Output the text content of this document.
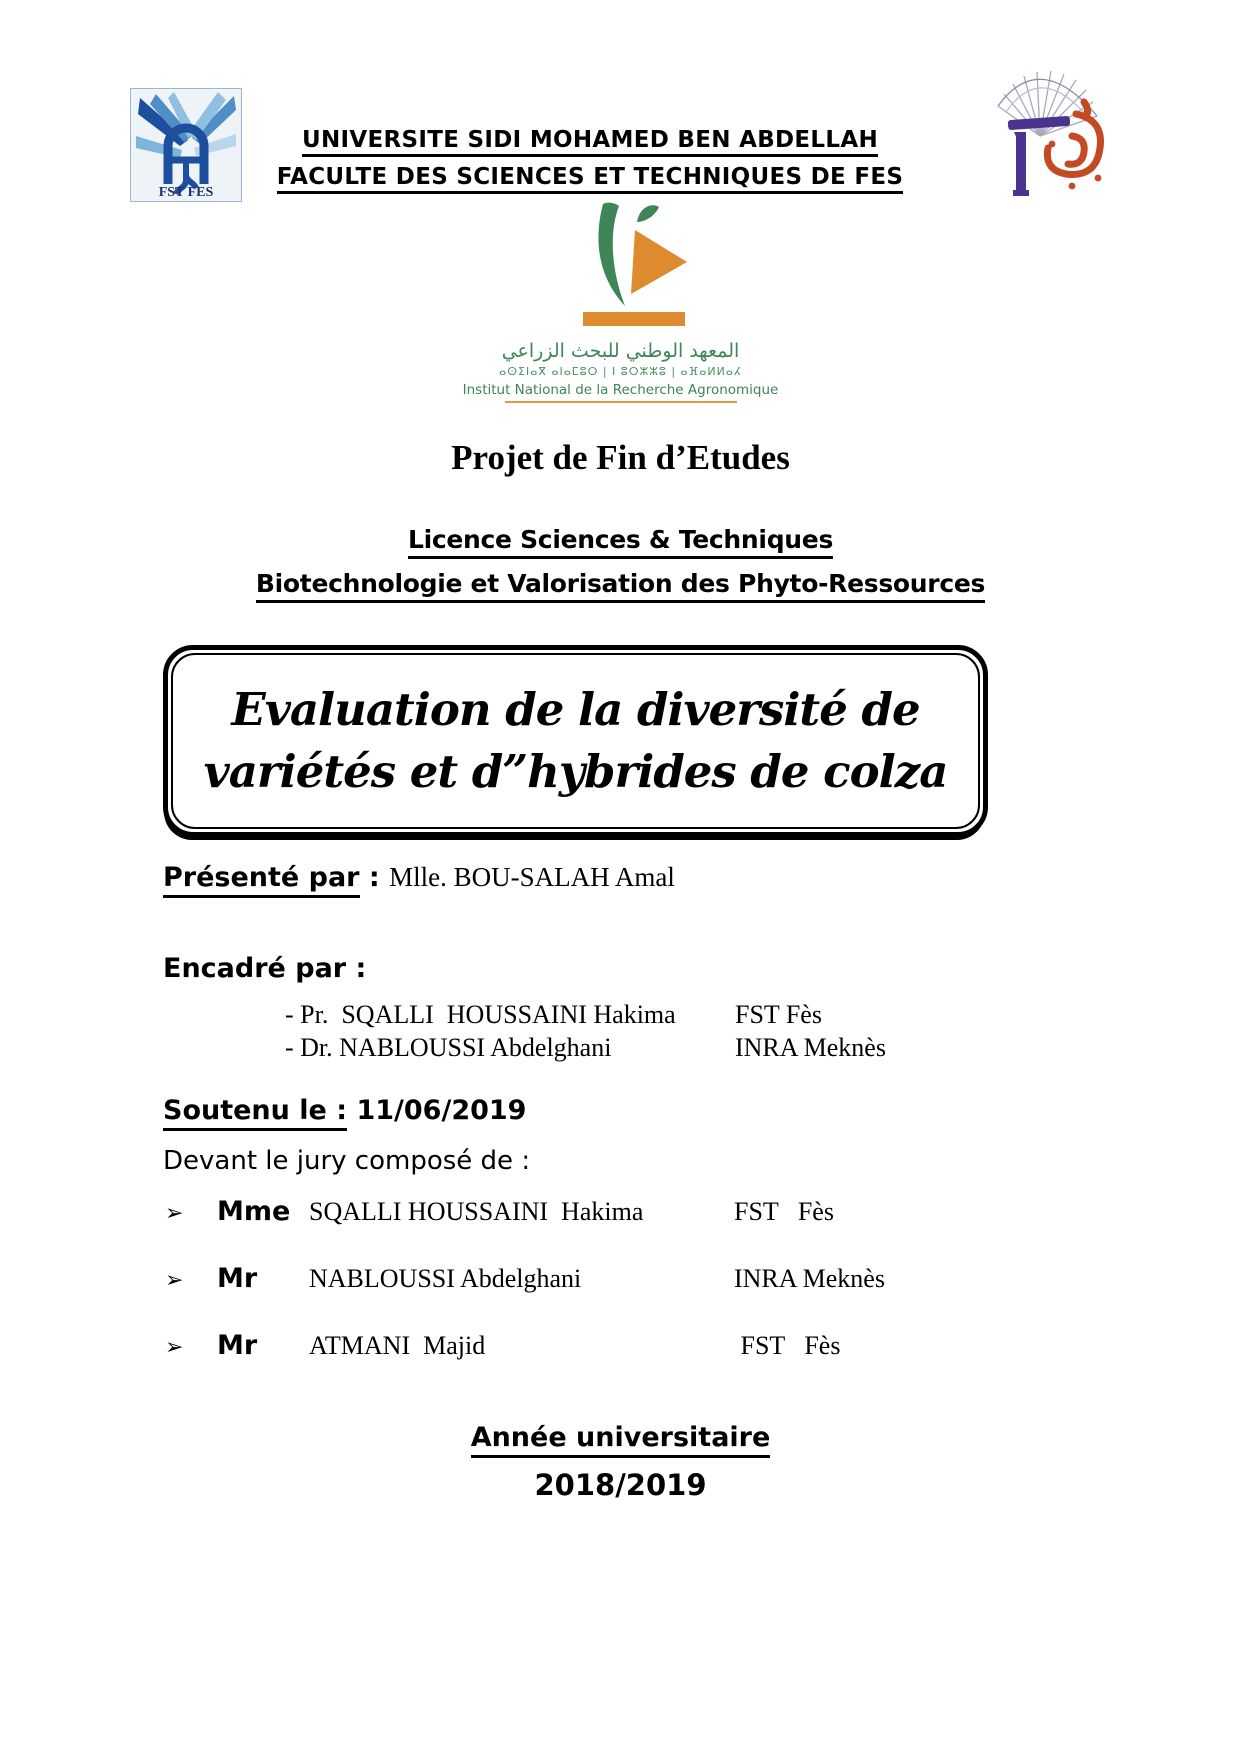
FST FES
UNIVERSITE SIDI MOHAMED BEN ABDELLAH
FACULTE DES SCIENCES ET TECHNIQUES DE FES
المعهد الوطني للبحث الزراعي
ⴰⵙⵉⵏⴰⴳ ⴰⵏⴰⵎⵓⵔ | ⵏ ⵓⵔⵣⵣⵓ | ⴰⴼⴰⵍⵍⴰⵃ
Institut National de la Recherche Agronomique
Projet de Fin d’Etudes
Licence Sciences & Techniques
Biotechnologie et Valorisation des Phyto-Ressources
Evaluation de la diversité de
variétés et d”hybrides de colza
Présenté par : Mlle. BOU-SALAH Amal
Encadré par :
- Pr.  SQALLI  HOUSSAINI Hakima	FST Fès
- Dr. NABLOUSSI Abdelghani	INRA Meknès
Soutenu le : 11/06/2019
Devant le jury composé de :
➢	Mme SQALLI HOUSSAINI  Hakima	FST   Fès
➢	Mr	NABLOUSSI Abdelghani	INRA Meknès
➢	Mr	ATMANI  Majid	FST   Fès
Année universitaire
2018/2019
